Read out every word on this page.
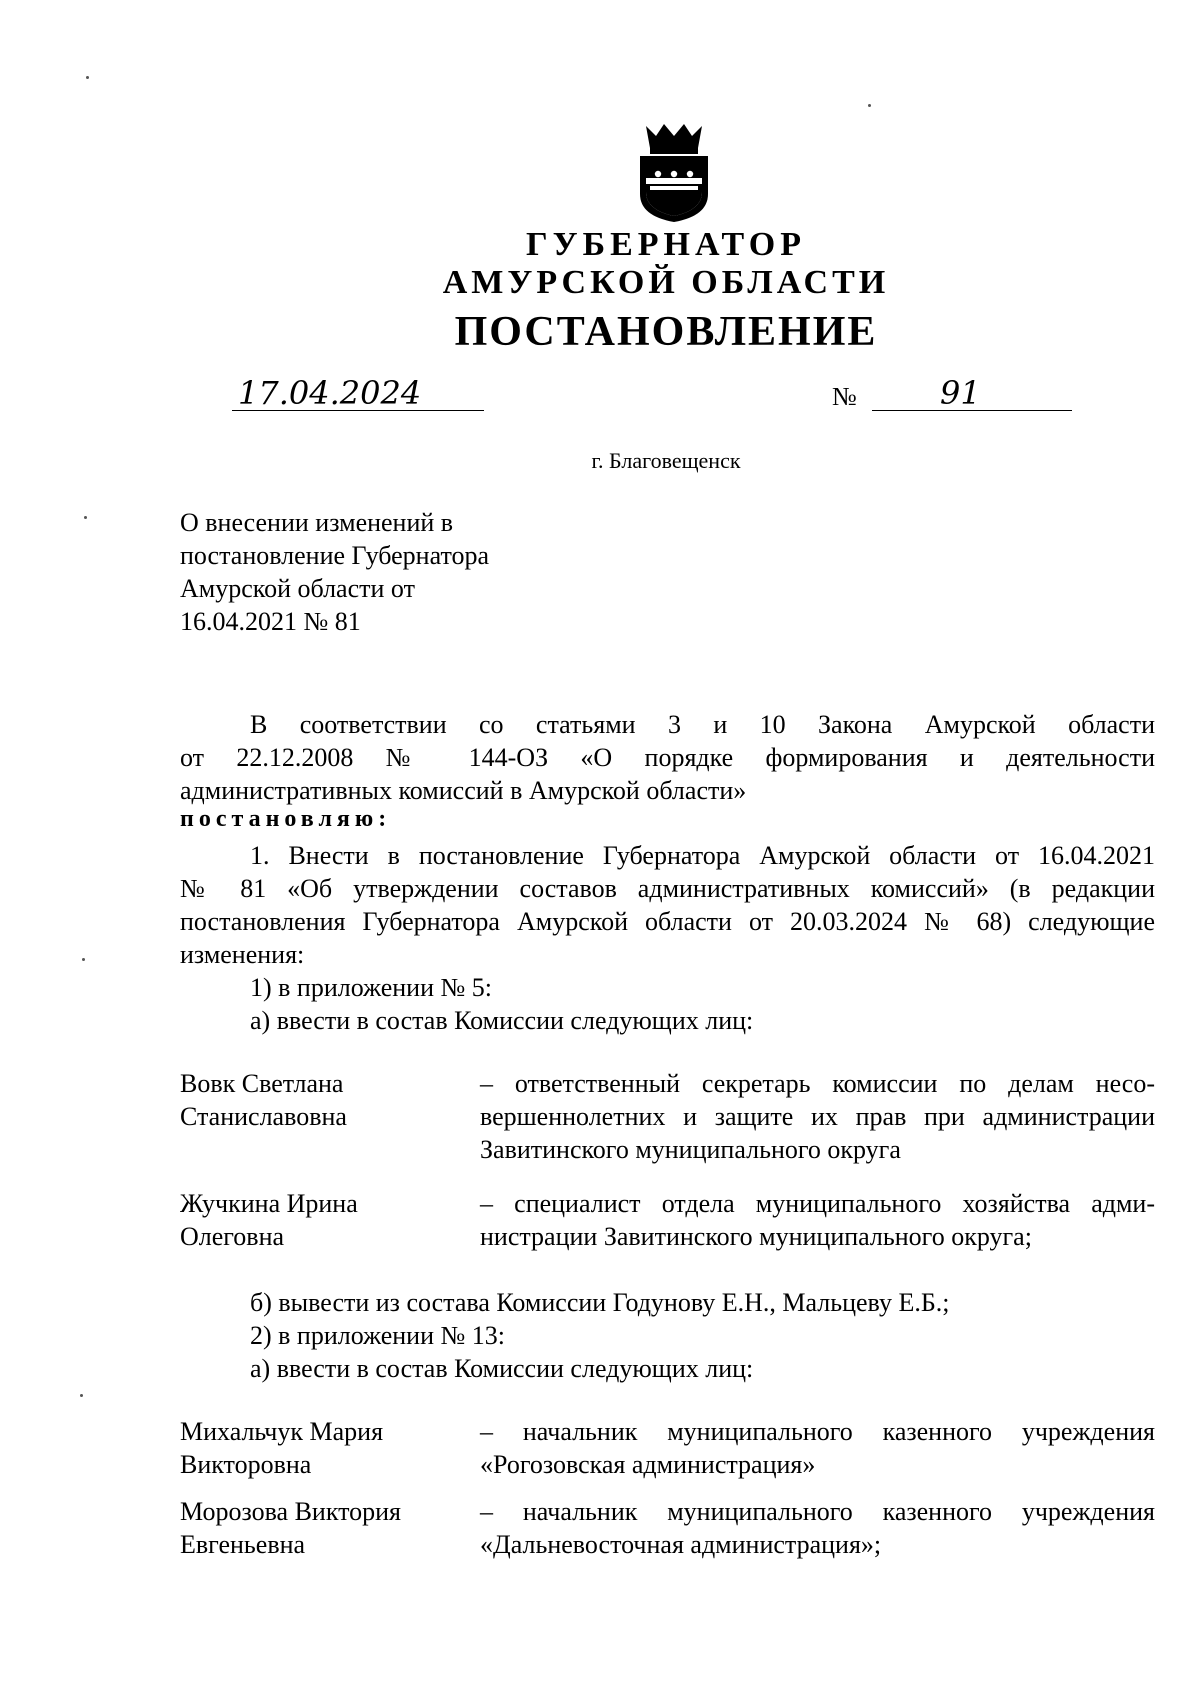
ГУБЕРНАТОР
АМУРСКОЙ ОБЛАСТИ
ПОСТАНОВЛЕНИЕ
17.04.2024	№	91
г. Благовещенск
О внесении изменений в
постановление Губернатора
Амурской области от
16.04.2021 № 81
В соответствии со статьями 3 и 10 Закона Амурской области
от 22.12.2008 № 144-ОЗ «О порядке формирования и деятельности
административных комиссий в Амурской области»
постановляю:
1. Внести в постановление Губернатора Амурской области от 16.04.2021
№ 81 «Об утверждении составов административных комиссий» (в редакции
постановления Губернатора Амурской области от 20.03.2024 № 68) следующие
изменения:
1) в приложении № 5:
а) ввести в состав Комиссии следующих лиц:
Вовк Светлана
Станиславовна
– ответственный секретарь комиссии по делам несо-
вершеннолетних и защите их прав при администрации
Завитинского муниципального округа
Жучкина Ирина
Олеговна
– специалист отдела муниципального хозяйства адми-
нистрации Завитинского муниципального округа;
б) вывести из состава Комиссии Годунову Е.Н., Мальцеву Е.Б.;
2) в приложении № 13:
а) ввести в состав Комиссии следующих лиц:
Михальчук Мария
Викторовна
– начальник муниципального казенного учреждения
«Рогозовская администрация»
Морозова Виктория
Евгеньевна
– начальник муниципального казенного учреждения
«Дальневосточная администрация»;
